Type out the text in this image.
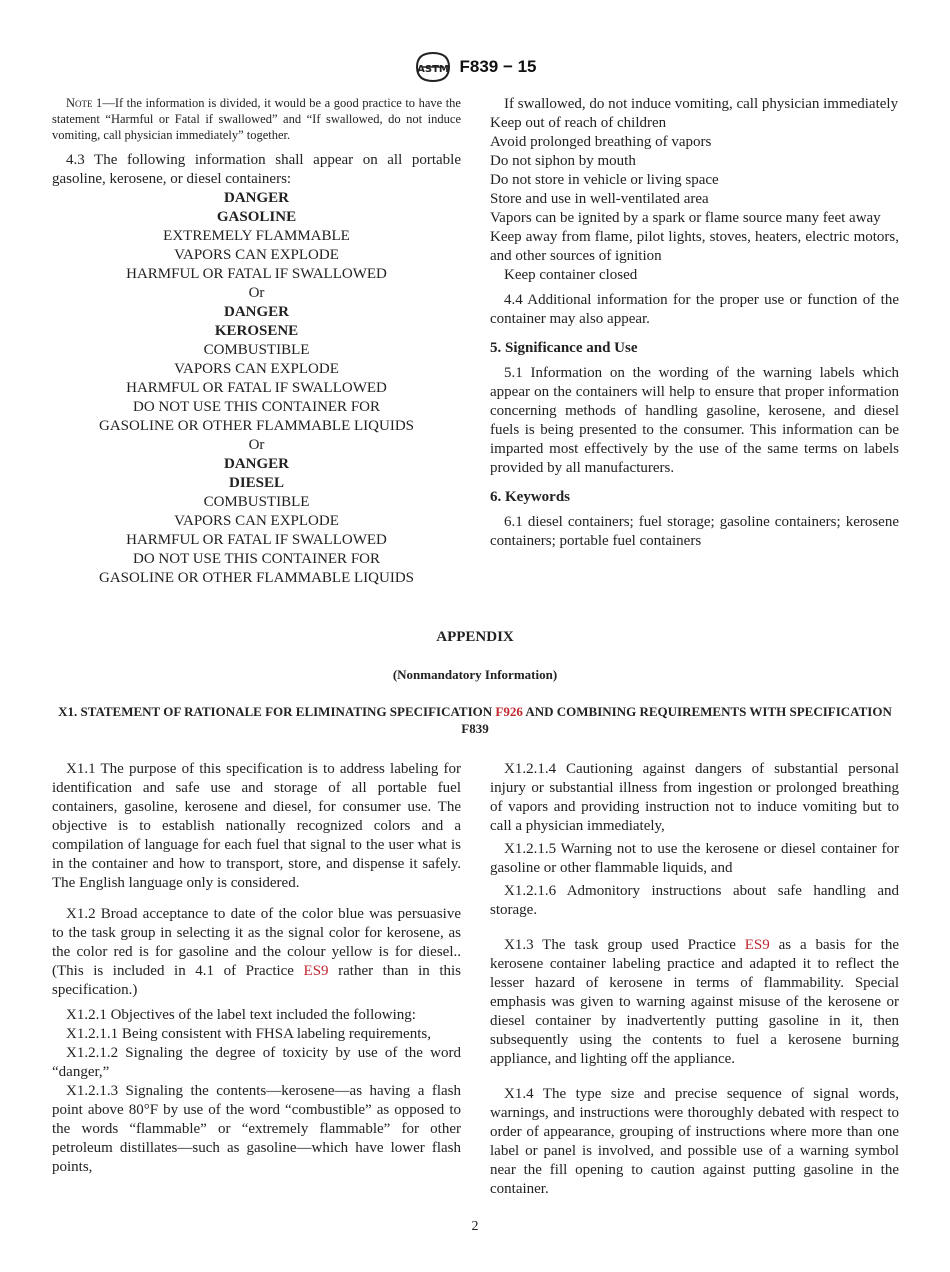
ASTM F839 − 15

Note 1—If the information is divided, it would be a good practice to have the statement “Harmful or Fatal if swallowed” and “If swallowed, do not induce vomiting, call physician immediately” together.

4.3 The following information shall appear on all portable gasoline, kerosene, or diesel containers:

DANGER
GASOLINE
EXTREMELY FLAMMABLE
VAPORS CAN EXPLODE
HARMFUL OR FATAL IF SWALLOWED
Or
DANGER
KEROSENE
COMBUSTIBLE
VAPORS CAN EXPLODE
HARMFUL OR FATAL IF SWALLOWED
DO NOT USE THIS CONTAINER FOR
GASOLINE OR OTHER FLAMMABLE LIQUIDS
Or
DANGER
DIESEL
COMBUSTIBLE
VAPORS CAN EXPLODE
HARMFUL OR FATAL IF SWALLOWED
DO NOT USE THIS CONTAINER FOR
GASOLINE OR OTHER FLAMMABLE LIQUIDS

If swallowed, do not induce vomiting, call physician immediately

Keep out of reach of children

Avoid prolonged breathing of vapors

Do not siphon by mouth

Do not store in vehicle or living space

Store and use in well-ventilated area

Vapors can be ignited by a spark or flame source many feet away

Keep away from flame, pilot lights, stoves, heaters, electric motors, and other sources of ignition

Keep container closed

4.4 Additional information for the proper use or function of the container may also appear.

5. Significance and Use

5.1 Information on the wording of the warning labels which appear on the containers will help to ensure that proper information concerning methods of handling gasoline, kerosene, and diesel fuels is being presented to the consumer. This information can be imparted most effectively by the use of the same terms on labels provided by all manufacturers.

6. Keywords

6.1 diesel containers; fuel storage; gasoline containers; kerosene containers; portable fuel containers

APPENDIX
(Nonmandatory Information)
X1. STATEMENT OF RATIONALE FOR ELIMINATING SPECIFICATION F926 AND COMBINING REQUIREMENTS WITH SPECIFICATION F839

X1.1 The purpose of this specification is to address labeling for identification and safe use and storage of all portable fuel containers, gasoline, kerosene and diesel, for consumer use. The objective is to establish nationally recognized colors and a compilation of language for each fuel that signal to the user what is in the container and how to transport, store, and dispense it safely. The English language only is considered.

X1.2 Broad acceptance to date of the color blue was persuasive to the task group in selecting it as the signal color for kerosene, as the color red is for gasoline and the colour yellow is for diesel.. (This is included in 4.1 of Practice ES9 rather than in this specification.)

X1.2.1 Objectives of the label text included the following:

X1.2.1.1 Being consistent with FHSA labeling requirements,

X1.2.1.2 Signaling the degree of toxicity by use of the word “danger,”

X1.2.1.3 Signaling the contents—kerosene—as having a flash point above 80°F by use of the word “combustible” as opposed to the words “flammable” or “extremely flammable” for other petroleum distillates—such as gasoline—which have lower flash points,

X1.2.1.4 Cautioning against dangers of substantial personal injury or substantial illness from ingestion or prolonged breathing of vapors and providing instruction not to induce vomiting but to call a physician immediately,

X1.2.1.5 Warning not to use the kerosene or diesel container for gasoline or other flammable liquids, and

X1.2.1.6 Admonitory instructions about safe handling and storage.

X1.3 The task group used Practice ES9 as a basis for the kerosene container labeling practice and adapted it to reflect the lesser hazard of kerosene in terms of flammability. Special emphasis was given to warning against misuse of the kerosene or diesel container by inadvertently putting gasoline in it, then subsequently using the contents to fuel a kerosene burning appliance, and lighting off the appliance.

X1.4 The type size and precise sequence of signal words, warnings, and instructions were thoroughly debated with respect to order of appearance, grouping of instructions where more than one label or panel is involved, and possible use of a warning symbol near the fill opening to caution against putting gasoline in the container.

2
